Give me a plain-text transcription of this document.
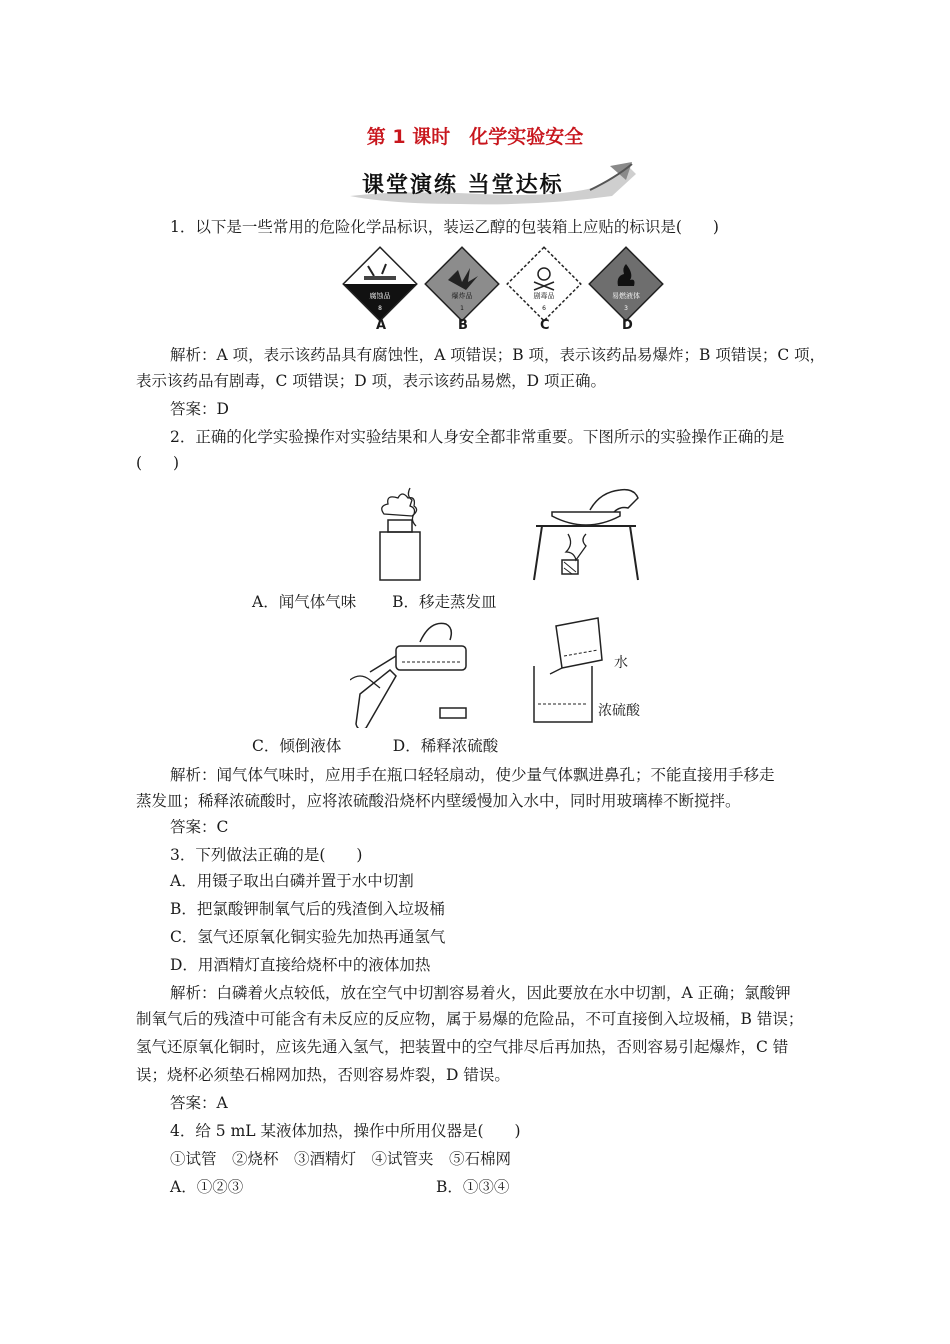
第 1 课时　化学实验安全
课堂演练 当堂达标
1．以下是一些常用的危险化学品标识，装运乙醇的包装箱上应贴的标识是(　　)
腐蚀品
8
爆炸品
1
剧毒品
6
易燃液体
3
A	B	C	D
解析：A 项，表示该药品具有腐蚀性，A 项错误；B 项，表示该药品易爆炸；B 项错误；C 项，
表示该药品有剧毒，C 项错误；D 项，表示该药品易燃，D 项正确。
答案：D
2．正确的化学实验操作对实验结果和人身安全都非常重要。下图所示的实验操作正确的是
(　　)
A．闻气体气味　　 B．移走蒸发皿
水
浓硫酸
C．倾倒液体　　　 D．稀释浓硫酸
解析：闻气体气味时，应用手在瓶口轻轻扇动，使少量气体飘进鼻孔；不能直接用手移走
蒸发皿；稀释浓硫酸时，应将浓硫酸沿烧杯内壁缓慢加入水中，同时用玻璃棒不断搅拌。
答案：C
3．下列做法正确的是(　　)
A．用镊子取出白磷并置于水中切割
B．把氯酸钾制氧气后的残渣倒入垃圾桶
C．氢气还原氧化铜实验先加热再通氢气
D．用酒精灯直接给烧杯中的液体加热
解析：白磷着火点较低，放在空气中切割容易着火，因此要放在水中切割，A 正确；氯酸钾
制氧气后的残渣中可能含有未反应的反应物，属于易爆的危险品，不可直接倒入垃圾桶，B 错误；
氢气还原氧化铜时，应该先通入氢气，把装置中的空气排尽后再加热，否则容易引起爆炸，C 错
误；烧杯必须垫石棉网加热，否则容易炸裂，D 错误。
答案：A
4．给 5 mL 某液体加热，操作中所用仪器是(　　)
①试管　②烧杯　③酒精灯　④试管夹　⑤石棉网
A．①②③	B．①③④
